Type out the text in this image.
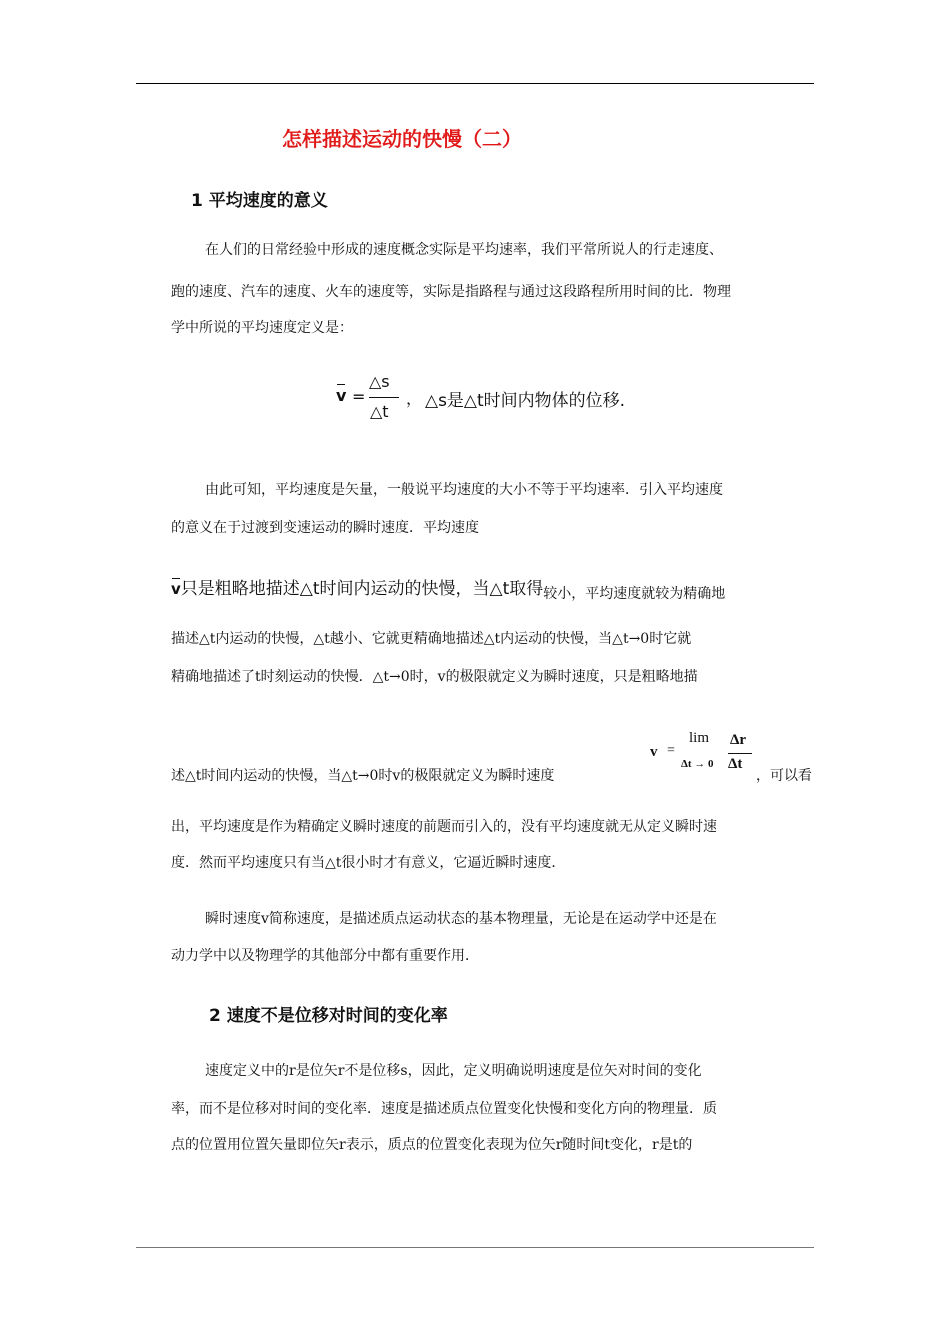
怎样描述运动的快慢（二）
1 平均速度的意义
在人们的日常经验中形成的速度概念实际是平均速率，我们平常所说人的行走速度、
跑的速度、汽车的速度、火车的速度等，实际是指路程与通过这段路程所用时间的比．物理
学中所说的平均速度定义是：
v =
△s
△t
， △s是△t时间内物体的位移.
由此可知，平均速度是矢量，一般说平均速度的大小不等于平均速率．引入平均速度
的意义在于过渡到变速运动的瞬时速度．平均速度
v只是粗略地描述△t时间内运动的快慢，当△t取得较小，平均速度就较为精确地
描述△t内运动的快慢，△t越小、它就更精确地描述△t内运动的快慢，当△t→0时它就
精确地描述了t时刻运动的快慢．△t→0时，v的极限就定义为瞬时速度，只是粗略地描
述△t时间内运动的快慢，当△t→0时v的极限就定义为瞬时速度
v =
lim
Δt → 0
Δr
Δt
，可以看
出，平均速度是作为精确定义瞬时速度的前题而引入的，没有平均速度就无从定义瞬时速
度．然而平均速度只有当△t很小时才有意义，它逼近瞬时速度．
瞬时速度v简称速度，是描述质点运动状态的基本物理量，无论是在运动学中还是在
动力学中以及物理学的其他部分中都有重要作用．
2 速度不是位移对时间的变化率
速度定义中的r是位矢r不是位移s，因此，定义明确说明速度是位矢对时间的变化
率，而不是位移对时间的变化率．速度是描述质点位置变化快慢和变化方向的物理量．质
点的位置用位置矢量即位矢r表示，质点的位置变化表现为位矢r随时间t变化，r是t的
